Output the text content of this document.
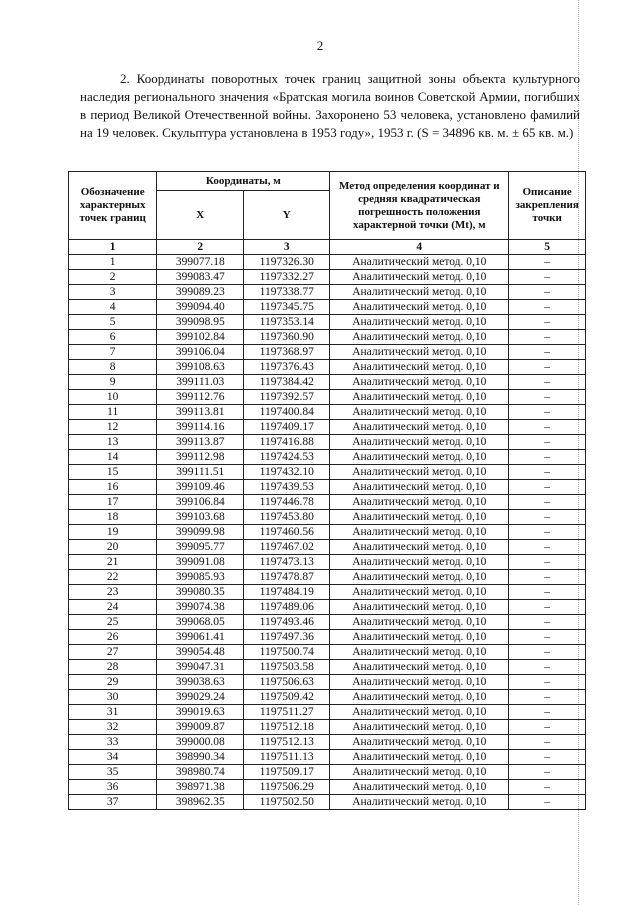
2

2. Координаты поворотных точек границ защитной зоны объекта культурного наследия регионального значения «Братская могила воинов Советской Армии, погибших в период Великой Отечественной войны. Захоронено 53 человека, установлено фамилий на 19 человек. Скульптура установлена в 1953 году», 1953 г. (S = 34896 кв. м. ± 65 кв. м.)

Обозначение характерных точек границ	Координаты, м		Метод определения координат и средняя квадратическая погрешность положения характерной точки (Mt), м	Описание закрепления точки
	X	Y		
1	2	3	4	5
1	399077.18	1197326.30	Аналитический метод. 0,10	–
2	399083.47	1197332.27	Аналитический метод. 0,10	–
3	399089.23	1197338.77	Аналитический метод. 0,10	–
4	399094.40	1197345.75	Аналитический метод. 0,10	–
5	399098.95	1197353.14	Аналитический метод. 0,10	–
6	399102.84	1197360.90	Аналитический метод. 0,10	–
7	399106.04	1197368.97	Аналитический метод. 0,10	–
8	399108.63	1197376.43	Аналитический метод. 0,10	–
9	399111.03	1197384.42	Аналитический метод. 0,10	–
10	399112.76	1197392.57	Аналитический метод. 0,10	–
11	399113.81	1197400.84	Аналитический метод. 0,10	–
12	399114.16	1197409.17	Аналитический метод. 0,10	–
13	399113.87	1197416.88	Аналитический метод. 0,10	–
14	399112.98	1197424.53	Аналитический метод. 0,10	–
15	399111.51	1197432.10	Аналитический метод. 0,10	–
16	399109.46	1197439.53	Аналитический метод. 0,10	–
17	399106.84	1197446.78	Аналитический метод. 0,10	–
18	399103.68	1197453.80	Аналитический метод. 0,10	–
19	399099.98	1197460.56	Аналитический метод. 0,10	–
20	399095.77	1197467.02	Аналитический метод. 0,10	–
21	399091.08	1197473.13	Аналитический метод. 0,10	–
22	399085.93	1197478.87	Аналитический метод. 0,10	–
23	399080.35	1197484.19	Аналитический метод. 0,10	–
24	399074.38	1197489.06	Аналитический метод. 0,10	–
25	399068.05	1197493.46	Аналитический метод. 0,10	–
26	399061.41	1197497.36	Аналитический метод. 0,10	–
27	399054.48	1197500.74	Аналитический метод. 0,10	–
28	399047.31	1197503.58	Аналитический метод. 0,10	–
29	399038.63	1197506.63	Аналитический метод. 0,10	–
30	399029.24	1197509.42	Аналитический метод. 0,10	–
31	399019.63	1197511.27	Аналитический метод. 0,10	–
32	399009.87	1197512.18	Аналитический метод. 0,10	–
33	399000.08	1197512.13	Аналитический метод. 0,10	–
34	398990.34	1197511.13	Аналитический метод. 0,10	–
35	398980.74	1197509.17	Аналитический метод. 0,10	–
36	398971.38	1197506.29	Аналитический метод. 0,10	–
37	398962.35	1197502.50	Аналитический метод. 0,10	–
